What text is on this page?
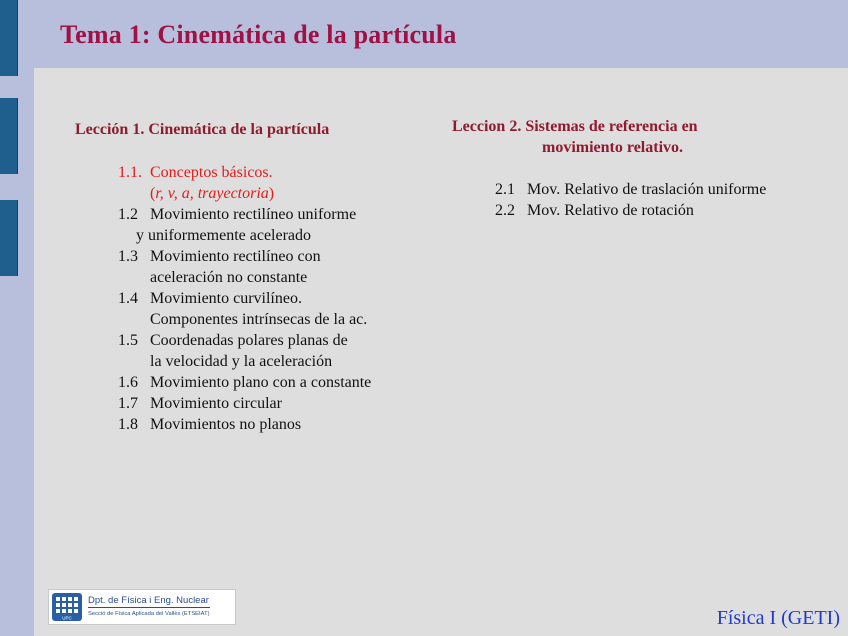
Tema 1: Cinemática de la partícula
Lección 1. Cinemática de la partícula
1.1. Conceptos básicos.
(r, v, a, trayectoria)
1.2 Movimiento rectilíneo uniforme
y uniformemente acelerado
1.3 Movimiento rectilíneo con
aceleración no constante
1.4 Movimiento curvilíneo.
Componentes intrínsecas de la ac.
1.5 Coordenadas polares planas de
la velocidad y la aceleración
1.6 Movimiento plano con a constante
1.7 Movimiento circular
1.8 Movimientos no planos
Leccion 2. Sistemas de referencia en
movimiento relativo.
2.1 Mov. Relativo de traslación uniforme
2.2 Mov. Relativo de rotación
UPC
Dpt. de Física i Eng. Nuclear
Secció de Física Aplicada del Vallès (ETSEIAT)	Física I (GETI)
